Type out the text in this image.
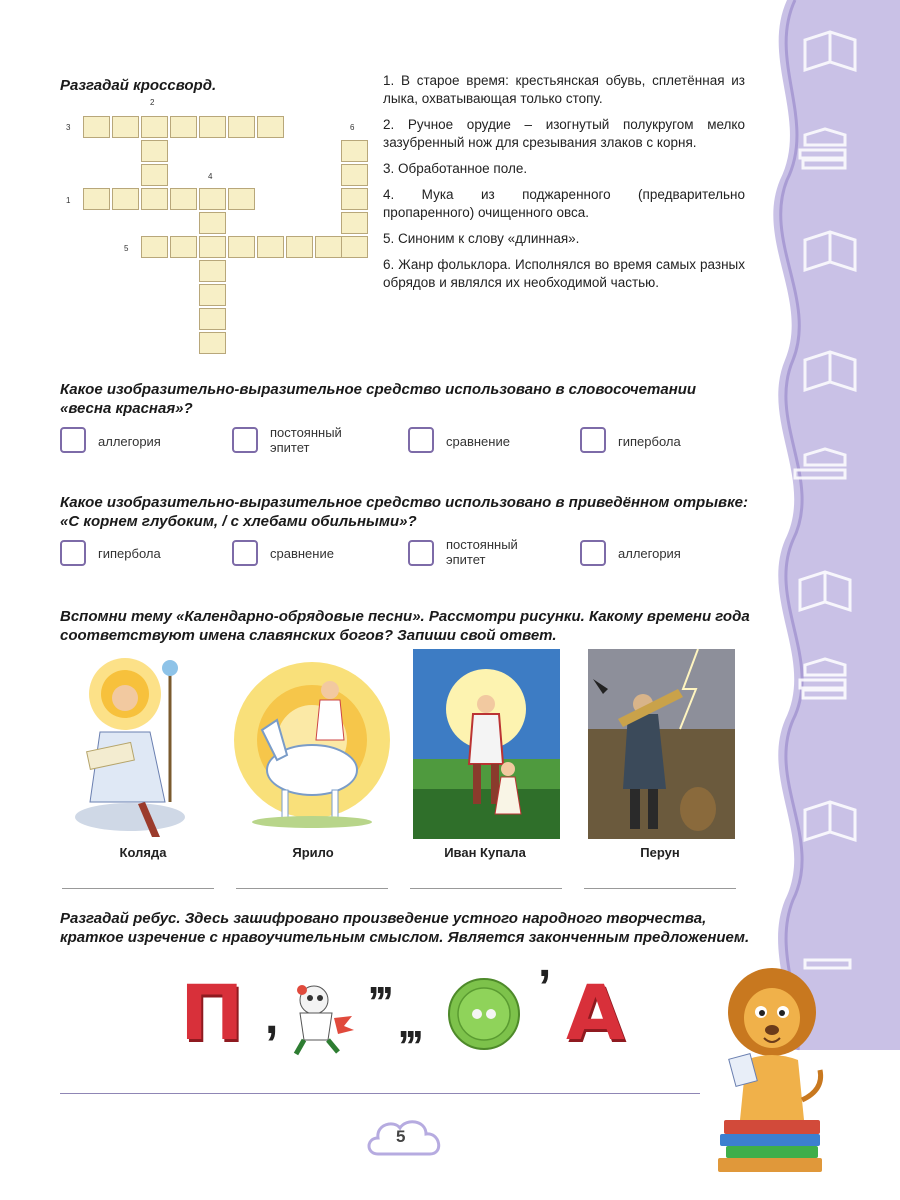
Разгадай кроссворд.
2
3	6
4
1
5
1. В старое время: крестьянская обувь, сплетённая из лыка, охватывающая только стопу.
2. Ручное орудие – изогнутый полукругом мелко зазубренный нож для срезывания злаков с корня.
3. Обработанное поле.
4. Мука из поджаренного (предварительно пропаренного) очищенного овса.
5. Синоним к слову «длинная».
6. Жанр фольклора. Исполнялся во время самых разных обрядов и являлся их необходимой частью.
Какое изобразительно-выразительное средство использовано в словосочетании «весна красная»?
аллегория
постоянный эпитет	сравнение	гипербола
Какое изобразительно-выразительное средство использовано в приведённом отрывке: «С корнем глубоким, / с хлебами обильными»?
гипербола	сравнение
постоянный эпитет	аллегория
Вспомни тему «Календарно-обрядовые песни». Рассмотри рисунки. Какому времени года соответствуют имена славянских богов? Запиши свой ответ.
Коляда	Ярило	Иван Купала	Перун
Разгадай ребус. Здесь зашифровано произведение устного народного творчества, краткое изречение с нравоучительным смыслом. Является законченным предложением.
П ,
,,,
,,,
’ А
5
